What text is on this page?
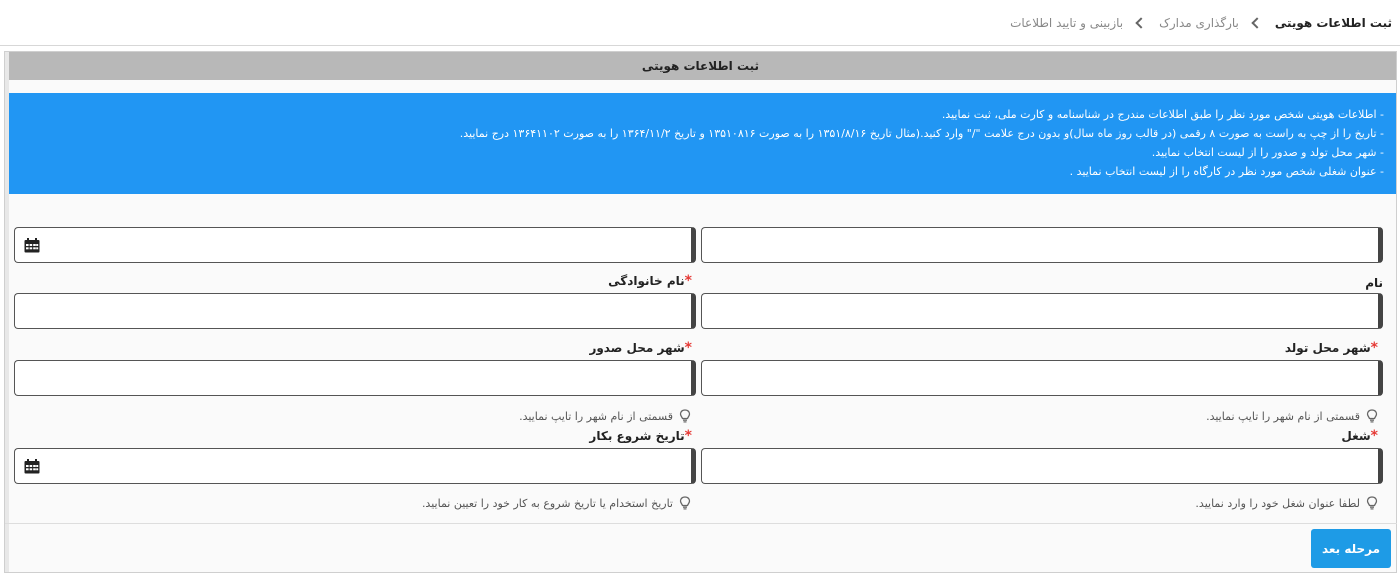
ثبت اطلاعات هویتی
بارگذاری مدارک
بازبینی و تایید اطلاعات
ثبت اطلاعات هویتی
- اطلاعات هویتی شخص مورد نظر را طبق اطلاعات مندرج در شناسنامه و کارت ملی، ثبت نمایید.
- تاریخ را از چپ به راست به صورت ۸ رقمی (در قالب روز ماه سال)و بدون درج علامت "/" وارد کنید.(مثال تاریخ ۱۳۵۱/۸/۱۶ را به صورت ۱۳۵۱۰۸۱۶ و تاریخ ۱۳۶۴/۱۱/۲ را به صورت ۱۳۶۴۱۱۰۲ درج نمایید.
- شهر محل تولد و صدور را از لیست انتخاب نمایید.
- عنوان شغلی شخص مورد نظر در کارگاه را از لیست انتخاب نمایید .
نام
*
نام خانوادگی
*
شهر محل تولد
قسمتی از نام شهر را تایپ نمایید.
*
شهر محل صدور
قسمتی از نام شهر را تایپ نمایید.
*
شغل
لطفا عنوان شغل خود را وارد نمایید.
*
تاریخ شروع بکار
تاریخ استخدام یا تاریخ شروع به کار خود را تعیین نمایید.
مرحله بعد
